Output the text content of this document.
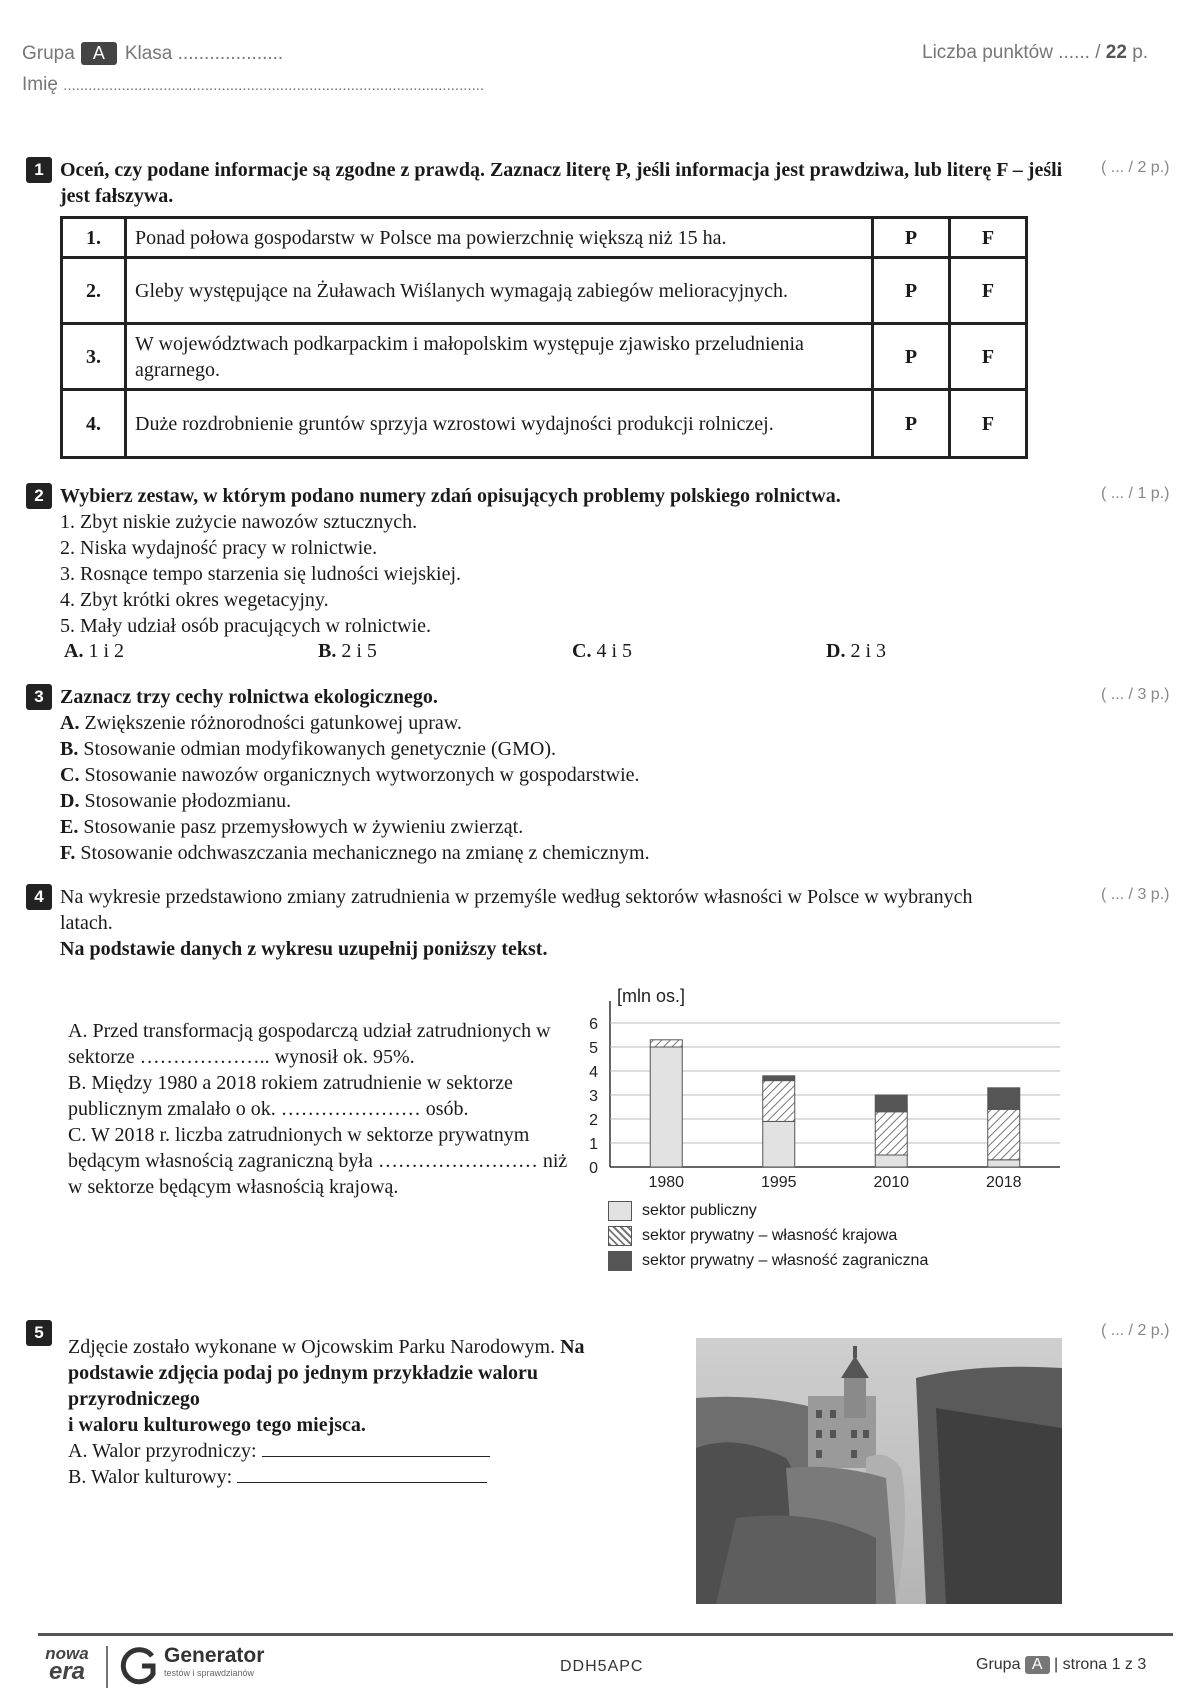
Grupa A Klasa ....................
Imię .....................................................................................................
Liczba punktów ...... / 22 p.
1	( ... / 2 p.)
Oceń, czy podane informacje są zgodne z prawdą. Zaznacz literę P, jeśli informacja jest prawdziwa, lub literę F – jeśli jest fałszywa.
1.	Ponad połowa gospodarstw w Polsce ma powierzchnię większą niż 15 ha.	P	F
2.	Gleby występujące na Żuławach Wiślanych wymagają zabiegów melioracyjnych.	P	F
3.	W województwach podkarpackim i małopolskim występuje zjawisko przeludnienia agrarnego.	P	F
4.	Duże rozdrobnienie gruntów sprzyja wzrostowi wydajności produkcji rolniczej.	P	F
2	( ... / 1 p.)
Wybierz zestaw, w którym podano numery zdań opisujących problemy polskiego rolnictwa.
1. Zbyt niskie zużycie nawozów sztucznych.
2. Niska wydajność pracy w rolnictwie.
3. Rosnące tempo starzenia się ludności wiejskiej.
4. Zbyt krótki okres wegetacyjny.
5. Mały udział osób pracujących w rolnictwie.
A. 1 i 2	B. 2 i 5	C. 4 i 5	D. 2 i 3
3	( ... / 3 p.)
Zaznacz trzy cechy rolnictwa ekologicznego.
A. Zwiększenie różnorodności gatunkowej upraw.
B. Stosowanie odmian modyfikowanych genetycznie (GMO).
C. Stosowanie nawozów organicznych wytworzonych w gospodarstwie.
D. Stosowanie płodozmianu.
E. Stosowanie pasz przemysłowych w żywieniu zwierząt.
F. Stosowanie odchwaszczania mechanicznego na zmianę z chemicznym.
4	( ... / 3 p.)
Na wykresie przedstawiono zmiany zatrudnienia w przemyśle według sektorów własności w Polsce w wybranych latach.
Na podstawie danych z wykresu uzupełnij poniższy tekst.
A. Przed transformacją gospodarczą udział zatrudnionych w sektorze ……………….. wynosił ok. 95%.
B. Między 1980 a 2018 rokiem zatrudnienie w sektorze publicznym zmalało o ok. ………………… osób.
C. W 2018 r. liczba zatrudnionych w sektorze prywatnym będącym własnością zagraniczną była …………………… niż w sektorze będącym własnością krajową.
[mln os.]
0
1
2
3
4
5
6
1980	1995	2010	2018
sektor publiczny
sektor prywatny – własność krajowa
sektor prywatny – własność zagraniczna
5	( ... / 2 p.)
Zdjęcie zostało wykonane w Ojcowskim Parku Narodowym. Na
podstawie zdjęcia podaj po jednym przykładzie waloru
przyrodniczego
i waloru kulturowego tego miejsca.
A. Walor przyrodniczy:
B. Walor kulturowy:
nowa
era
Generator
testów i sprawdzianów	DDH5APC	Grupa A | strona 1 z 3
